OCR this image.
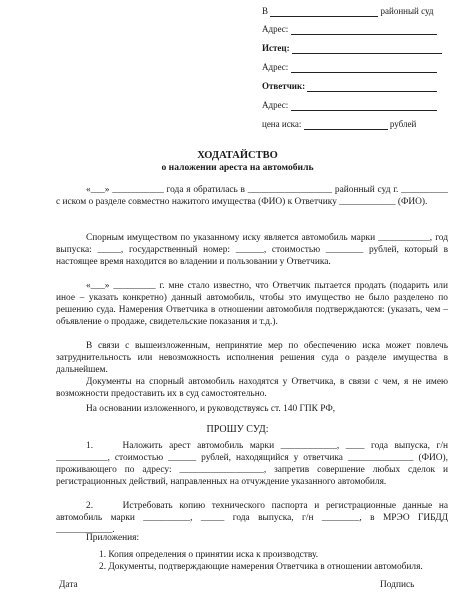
В	районный суд
Адрес:
Истец:
Адрес:
Ответчик:
Адрес:
цена иска:	рублей
ХОДАТАЙСТВО
о наложении ареста на автомобиль
«___» ___________ года я обратилась в __________________ районный суд г. __________ с иском о разделе совместно нажитого имущества (ФИО) к Ответчику ____________ (ФИО).
Спорным имуществом по указанному иску является автомобиль марки ___________, год выпуска: _____, государственный номер: ______, стоимостью ________ рублей, который в настоящее время находится во владении и пользовании у Ответчика.
«___» _________ г. мне стало известно, что Ответчик пытается продать (подарить или иное – указать конкретно) данный автомобиль, чтобы это имущество не было разделено по решению суда. Намерения Ответчика в отношении автомобиля подтверждаются: (указать, чем – объявление о продаже, свидетельские показания и т.д.).
В связи с вышеизложенным, непринятие мер по обеспечению иска может повлечь затруднительность или невозможность исполнения решения суда о разделе имущества в дальнейшем.
Документы на спорный автомобиль находятся у Ответчика, в связи с чем, я не имею возможности предоставить их в суд самостоятельно.
На основании изложенного, и руководствуясь ст. 140 ГПК РФ,
ПРОШУ СУД:
1.	Наложить арест автомобиль марки ____________, ____ года выпуска, г/н ___________, стоимостью ______ рублей, находящийся у ответчика ______________ (ФИО), проживающего по адресу: __________________, запретив совершение любых сделок и регистрационных действий, направленных на отчуждение указанного автомобиля.
2.	Истребовать копию технического паспорта и регистрационные данные на автомобиль марки __________, _____ года выпуска, г/н ________, в МРЭО ГИБДД ____________.
Приложения:
1. Копия определения о принятии иска к производству.
2. Документы, подтверждающие намерения Ответчика в отношении автомобиля.
Дата	Подпись
